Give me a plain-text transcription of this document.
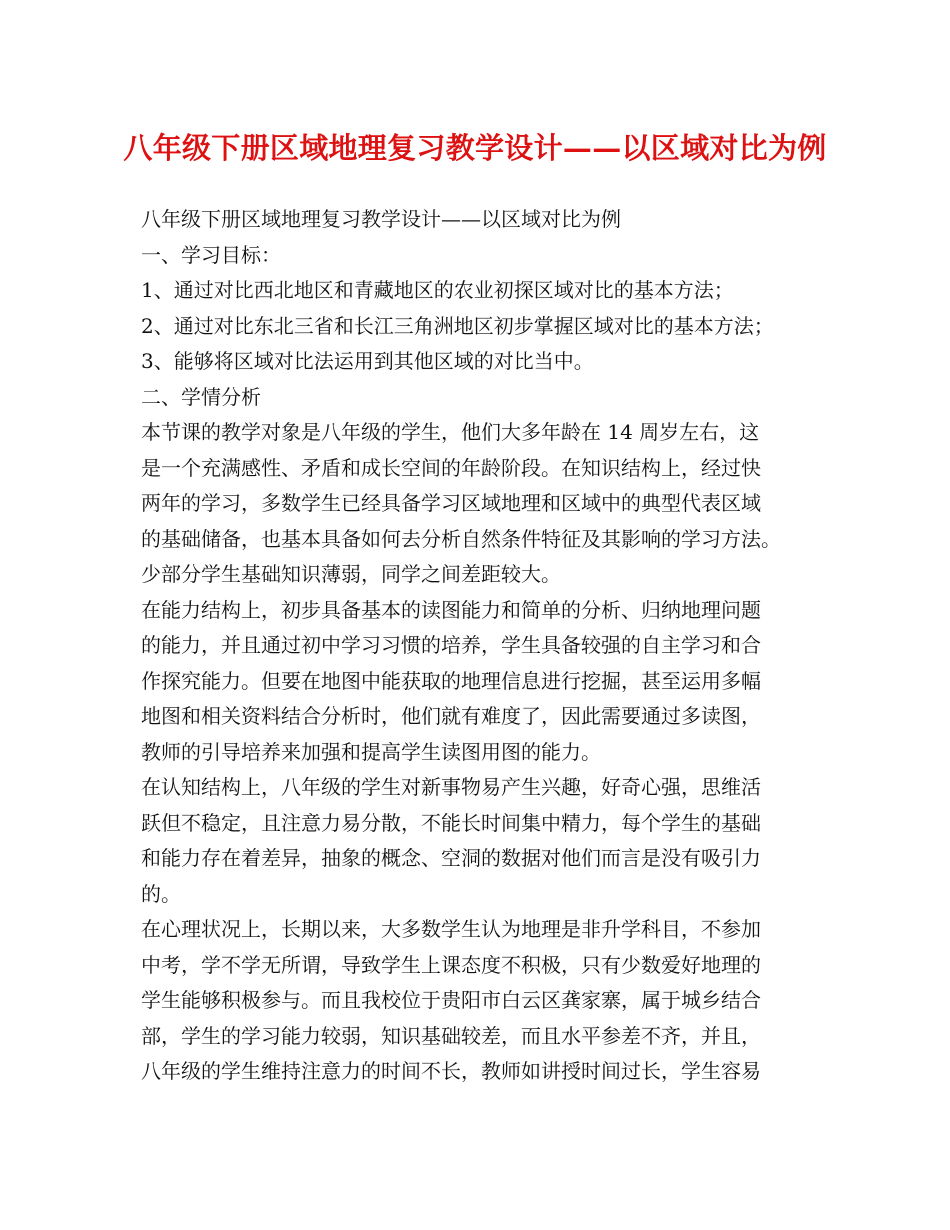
八年级下册区域地理复习教学设计——以区域对比为例
八年级下册区域地理复习教学设计——以区域对比为例
一、学习目标：
1、通过对比西北地区和青藏地区的农业初探区域对比的基本方法；
2、通过对比东北三省和长江三角洲地区初步掌握区域对比的基本方法；
3、能够将区域对比法运用到其他区域的对比当中。
二、学情分析
本节课的教学对象是八年级的学生，他们大多年龄在 14 周岁左右，这
是一个充满感性、矛盾和成长空间的年龄阶段。在知识结构上，经过快
两年的学习，多数学生已经具备学习区域地理和区域中的典型代表区域
的基础储备，也基本具备如何去分析自然条件特征及其影响的学习方法。
少部分学生基础知识薄弱，同学之间差距较大。
在能力结构上，初步具备基本的读图能力和简单的分析、归纳地理问题
的能力，并且通过初中学习习惯的培养，学生具备较强的自主学习和合
作探究能力。但要在地图中能获取的地理信息进行挖掘，甚至运用多幅
地图和相关资料结合分析时，他们就有难度了，因此需要通过多读图，
教师的引导培养来加强和提高学生读图用图的能力。
在认知结构上，八年级的学生对新事物易产生兴趣，好奇心强，思维活
跃但不稳定，且注意力易分散，不能长时间集中精力，每个学生的基础
和能力存在着差异，抽象的概念、空洞的数据对他们而言是没有吸引力
的。
在心理状况上，长期以来，大多数学生认为地理是非升学科目，不参加
中考，学不学无所谓，导致学生上课态度不积极，只有少数爱好地理的
学生能够积极参与。而且我校位于贵阳市白云区龚家寨，属于城乡结合
部，学生的学习能力较弱，知识基础较差，而且水平参差不齐，并且，
八年级的学生维持注意力的时间不长，教师如讲授时间过长，学生容易
